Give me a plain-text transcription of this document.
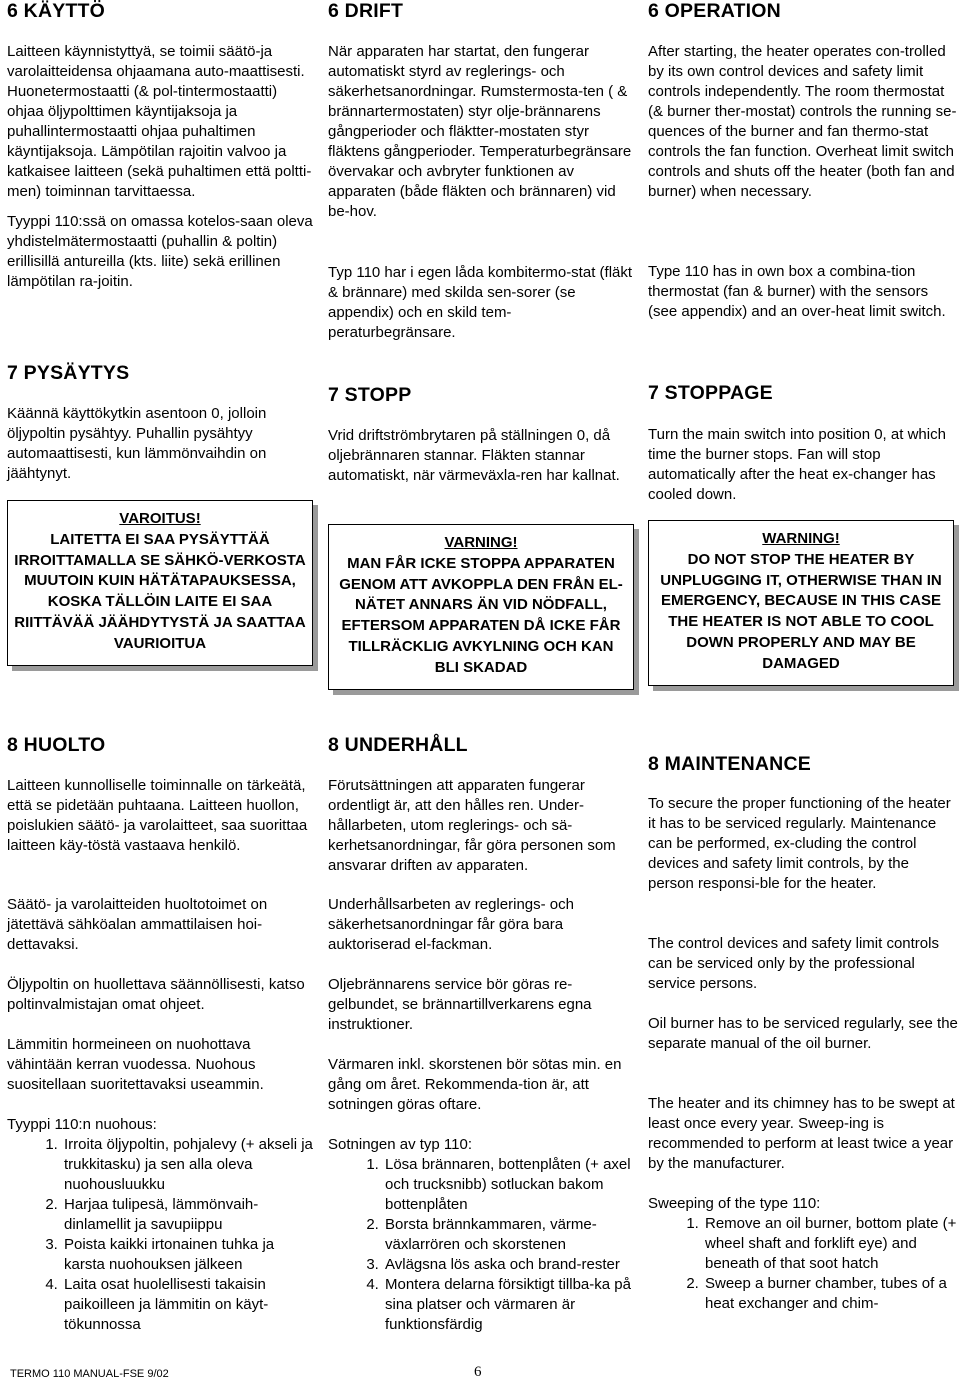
6 KÄYTTÖ

Laitteen käynnistyttyä, se toimii säätö-ja varolaitteidensa ohjaamana auto-maattisesti. Huonetermostaatti (& pol-tintermostaatti) ohjaa öljypolttimen käyntijaksoja ja puhallintermostaatti ohjaa puhaltimen käyntijaksoja. Lämpötilan rajoitin valvoo ja katkaisee laitteen (sekä puhaltimen että poltti-men) toiminnan tarvittaessa.

Tyyppi 110:ssä on omassa kotelos-saan oleva yhdistelmätermostaatti (puhallin & poltin) erillisillä antureilla (kts. liite) sekä erillinen lämpötilan ra-joitin.

7 PYSÄYTYS

Käännä käyttökytkin asentoon 0, jolloin öljypoltin pysähtyy. Puhallin pysähtyy automaattisesti, kun lämmönvaihdin on jäähtynyt.

VAROITUS!
LAITETTA EI SAA PYSÄYTTÄÄ IRROITTAMALLA SE SÄHKÖ-VERKOSTA MUUTOIN KUIN HÄTÄTAPAUKSESSA, KOSKA TÄLLÖIN LAITE EI SAA RIITTÄVÄÄ JÄÄHDYTYSTÄ JA SAATTAA VAURIOITUA
8 HUOLTO

Laitteen kunnolliselle toiminnalle on tärkeätä, että se pidetään puhtaana. Laitteen huollon, poislukien säätö- ja varolaitteet, saa suorittaa laitteen käy-töstä vastaava henkilö.

Säätö- ja varolaitteiden huoltotoimet on jätettävä sähköalan ammattilaisen hoi-dettavaksi.

Öljypoltin on huollettava säännöllisesti, katso poltinvalmistajan omat ohjeet.

Lämmitin hormeineen on nuohottava vähintään kerran vuodessa. Nuohous suositellaan suoritettavaksi useammin.

Tyyppi 110:n nuohous:

1. Irroita öljypoltin, pohjalevy (+ akseli ja trukkitasku) ja sen alla oleva nuohousluukku
2. Harjaa tulipesä, lämmönvaih-dinlamellit ja savupiippu
3. Poista kaikki irtonainen tuhka ja karsta nuohouksen jälkeen
4. Laita osat huolellisesti takaisin paikoilleen ja lämmitin on käyt-tökunnossa
6 DRIFT

När apparaten har startat, den fungerar automatiskt styrd av reglerings- och säkerhetsanordningar. Rumstermosta-ten ( & brännartermostaten) styr olje-brännarens gångperioder och fläktter-mostaten styr fläktens gångperioder. Temperaturbegränsare övervakar och avbryter funktionen av apparaten (både fläkten och brännaren) vid be-hov.

Typ 110 har i egen låda kombitermo-stat (fläkt & brännare) med skilda sen-sorer (se appendix) och en skild tem-peraturbegränsare.

7 STOPP

Vrid driftströmbrytaren på ställningen 0, då oljebrännaren stannar. Fläkten stannar automatiskt, när värmeväxla-ren har kallnat.

VARNING!
MAN FÅR ICKE STOPPA APPARATEN GENOM ATT AVKOPPLA DEN FRÅN EL-NÄTET ANNARS ÄN VID NÖDFALL, EFTERSOM APPARATEN DÅ ICKE FÅR TILLRÄCKLIG AVKYLNING OCH KAN BLI SKADAD
8 UNDERHÅLL

Förutsättningen att apparaten fungerar ordentligt är, att den hålles ren. Under-hållarbeten, utom reglerings- och sä-kerhetsanordningar, får göra personen som ansvarar driften av apparaten.

Underhållsarbeten av reglerings- och säkerhetsanordningar får göra bara auktoriserad el-fackman.

Oljebrännarens service bör göras re-gelbundet, se brännartillverkarens egna instruktioner.

Värmaren inkl. skorstenen bör sötas min. en gång om året. Rekommenda-tion är, att sotningen göras oftare.

Sotningen av typ 110:

1. Lösa brännaren, bottenplåten (+ axel och trucksnibb) sotluckan bakom bottenplåten
2. Borsta brännkammaren, värme-växlarrören och skorstenen
3. Avlägsna lös aska och brand-rester
4. Montera delarna försiktigt tillba-ka på sina platser och värmaren är funktionsfärdig
6 OPERATION

After starting, the heater operates con-trolled by its own control devices and safety limit controls independently. The room thermostat (& burner ther-mostat) controls the running se-quences of the burner and fan thermo-stat controls the fan function. Overheat limit switch controls and shuts off the heater (both fan and burner) when necessary.

Type 110 has in own box a combina-tion thermostat (fan & burner) with the sensors (see appendix) and an over-heat limit switch.

7 STOPPAGE

Turn the main switch into position 0, at which time the burner stops. Fan will stop automatically after the heat ex-changer has cooled down.

WARNING!
DO NOT STOP THE HEATER BY UNPLUGGING IT, OTHERWISE THAN IN EMERGENCY, BECAUSE IN THIS CASE THE HEATER IS NOT ABLE TO COOL DOWN PROPERLY AND MAY BE DAMAGED
8 MAINTENANCE

To secure the proper functioning of the heater it has to be serviced regularly. Maintenance can be performed, ex-cluding the control devices and safety limit controls, by the person responsi-ble for the heater.

The control devices and safety limit controls can be serviced only by the professional service persons.

Oil burner has to be serviced regularly, see the separate manual of the oil burner.

The heater and its chimney has to be swept at least once every year. Sweep-ing is recommended to perform at least twice a year by the manufacturer.

Sweeping of the type 110:

1. Remove an oil burner, bottom plate (+ wheel shaft and forklift eye) and beneath of that soot hatch
2. Sweep a burner chamber, tubes of a heat exchanger and chim-
TERMO 110 MANUAL-FSE 9/02	6
